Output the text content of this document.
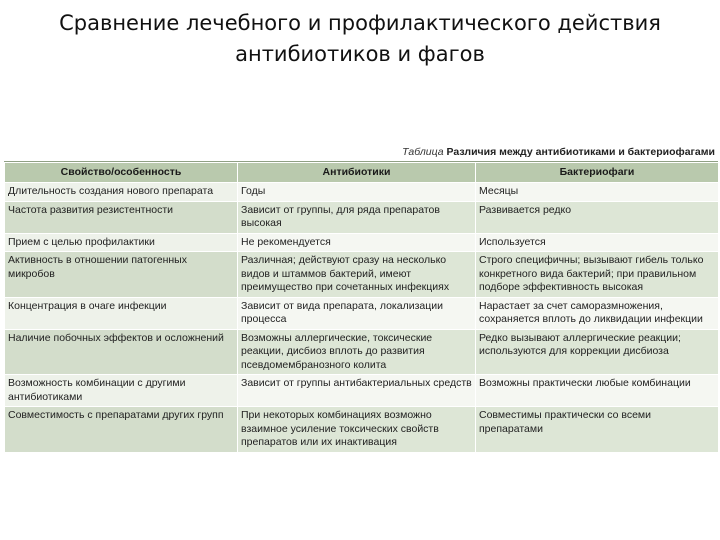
Сравнение лечебного и профилактического действия
антибиотиков и фагов
Таблица Различия между антибиотиками и бактериофагами
Свойство/особенность	Антибиотики	Бактериофаги
Длительность создания нового препарата	Годы	Месяцы
Частота развития резистентности	Зависит от группы, для ряда препаратов высокая	Развивается редко
Прием с целью профилактики	Не рекомендуется	Используется
Активность в отношении патогенных микробов	Различная; действуют сразу на несколько видов и штаммов бактерий, имеют преимущество при сочетанных инфекциях	Строго специфичны; вызывают гибель только конкретного вида бактерий; при правильном подборе эффективность высокая
Концентрация в очаге инфекции	Зависит от вида препарата, локализации процесса	Нарастает за счет саморазмножения, сохраняется вплоть до ликвидации инфекции
Наличие побочных эффектов и осложнений	Возможны аллергические, токсические реакции, дисбиоз вплоть до развития псевдомембранозного колита	Редко вызывают аллергические реакции; используются для коррекции дисбиоза
Возможность комбинации с другими антибиотиками	Зависит от группы антибактериальных средств	Возможны практически любые комбинации
Совместимость с препаратами других групп	При некоторых комбинациях возможно взаимное усиление токсических свойств препаратов или их инактивация	Совместимы практически со всеми препаратами
